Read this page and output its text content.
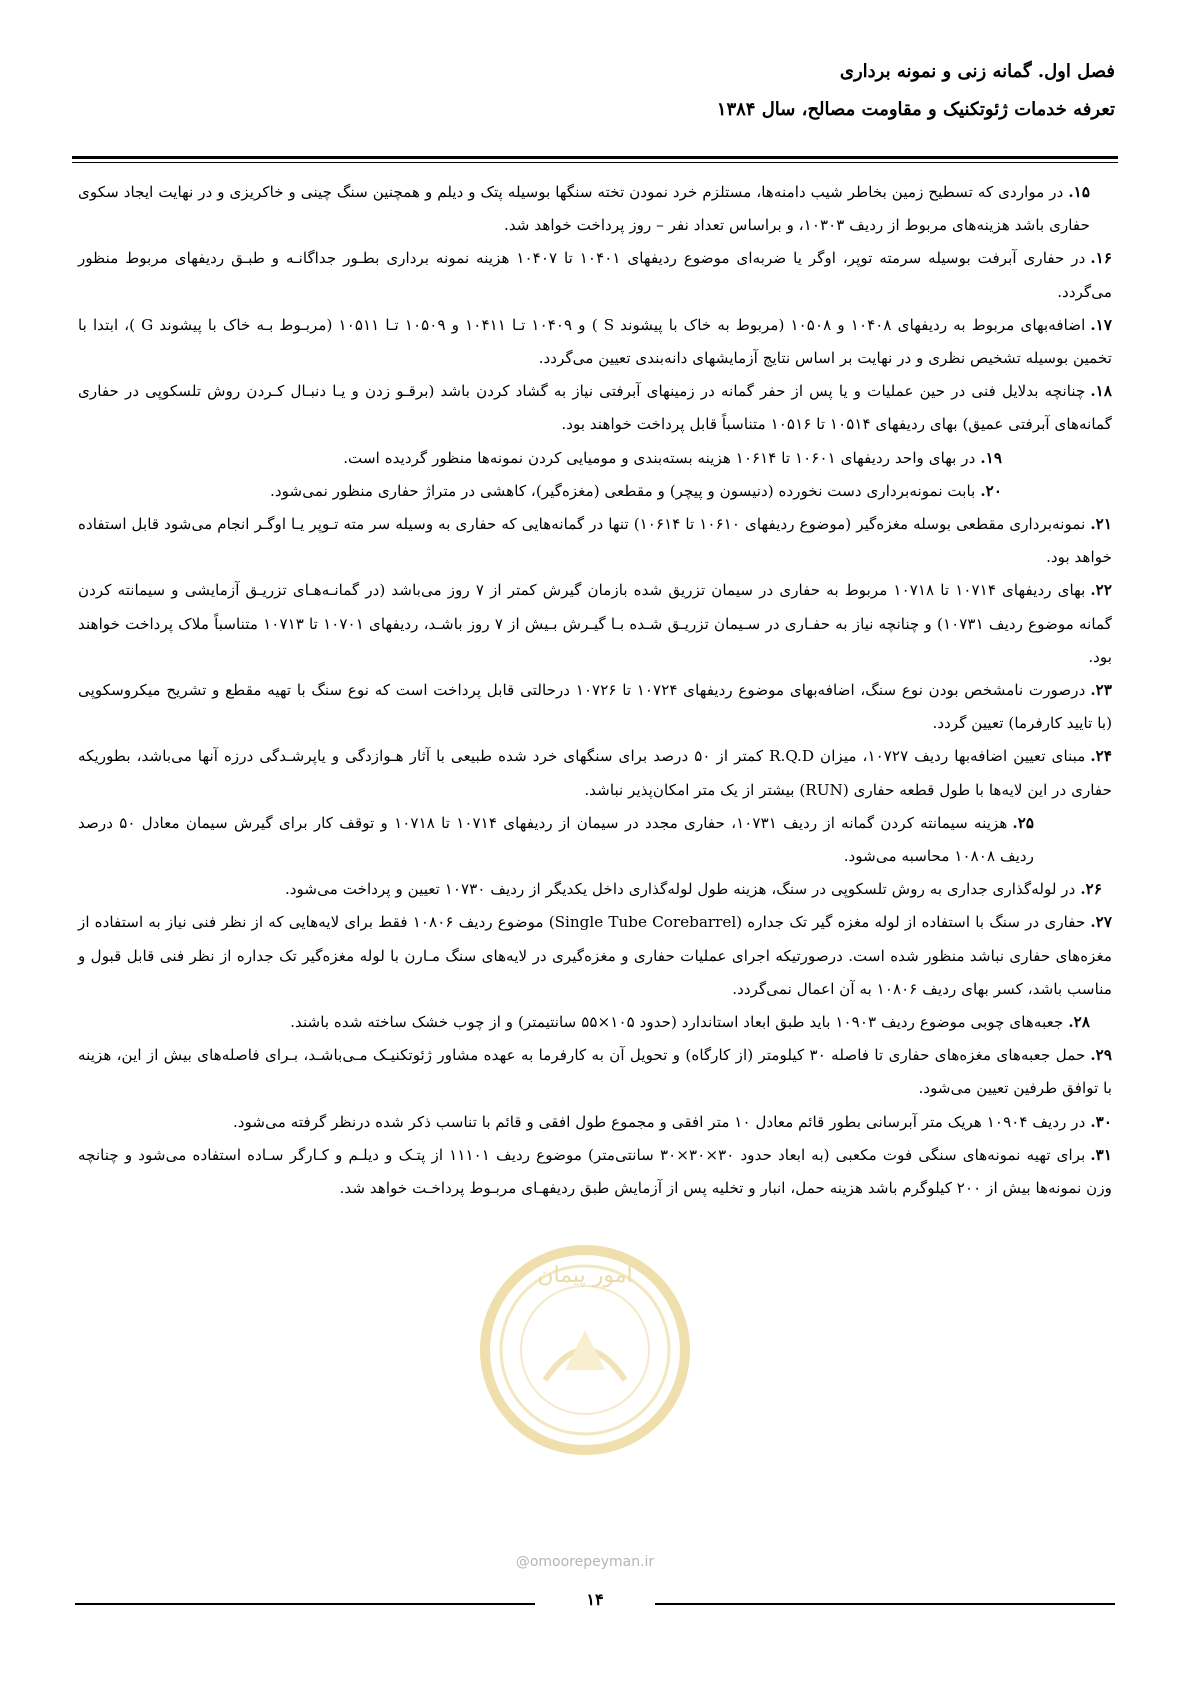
فصل اول. گمانه زنی و نمونه برداری
تعرفه خدمات ژئوتکنیک و مقاومت مصالح، سال ۱۳۸۴

۱۵.در مواردی که تسطیح زمین بخاطر شیب دامنه‌ها، مستلزم خرد نمودن تخته سنگها بوسیله پتک و دیلم و همچنین سنگ چینی و خاکریزی و در نهایت ایجاد سکوی حفاری باشد هزینه‌های مربوط از ردیف ۱۰۳۰۳، و براساس تعداد نفر – روز پرداخت خواهد شد.

۱۶.در حفاری آبرفت بوسیله سرمته توپر، اوگر یا ضربه‌ای موضوع ردیفهای ۱۰۴۰۱ تا ۱۰۴۰۷ هزینه نمونه برداری بطـور جداگانـه و طبـق ردیفهای مربوط منظور می‌گردد.

۱۷.اضافه‌بهای مربوط به ردیفهای ۱۰۴۰۸ و ۱۰۵۰۸ (مربوط به خاک با پیشوند S ) و ۱۰۴۰۹ تـا ۱۰۴۱۱ و ۱۰۵۰۹ تـا ۱۰۵۱۱ (مربـوط بـه خاک با پیشوند G )، ابتدا با تخمین بوسیله تشخیص نظری و در نهایت بر اساس نتایج آزمایشهای دانه‌بندی تعیین می‌گردد.

۱۸.چنانچه بدلایل فنی در حین عملیات و یا پس از حفر گمانه در زمینهای آبرفتی نیاز به گشاد کردن باشد (برقـو زدن و یـا دنبـال کـردن روش تلسکوپی در حفاری گمانه‌های آبرفتی عمیق) بهای ردیفهای ۱۰۵۱۴ تا ۱۰۵۱۶ متناسباً قابل پرداخت خواهند بود.

۱۹.در بهای واحد ردیفهای ۱۰۶۰۱ تا ۱۰۶۱۴ هزینه بسته‌بندی و مومیایی کردن نمونه‌ها منظور گردیده است.

۲۰.بابت نمونه‌برداری دست نخورده (دنیسون و پیچر) و مقطعی (مغزه‌گیر)، کاهشی در متراژ حفاری منظور نمی‌شود.

۲۱.نمونه‌برداری مقطعی بوسله مغزه‌گیر (موضوع ردیفهای ۱۰۶۱۰ تا ۱۰۶۱۴) تنها در گمانه‌هایی که حفاری به وسیله سر مته تـوپر یـا اوگـر انجام می‌شود قابل استفاده خواهد بود.

۲۲.بهای ردیفهای ۱۰۷۱۴ تا ۱۰۷۱۸ مربوط به حفاری در سیمان تزریق شده بازمان گیرش کمتر از ۷ روز می‌باشد (در گمانـه‌هـای تزریـق آزمایشی و سیمانته کردن گمانه موضوع ردیف ۱۰۷۳۱) و چنانچه نیاز به حفـاری در سـیمان تزریـق شـده بـا گیـرش بـیش از ۷ روز باشـد، ردیفهای ۱۰۷۰۱ تا ۱۰۷۱۳ متناسباً ملاک پرداخت خواهند بود.

۲۳.درصورت نامشخص بودن نوع سنگ، اضافه‌بهای موضوع ردیفهای ۱۰۷۲۴ تا ۱۰۷۲۶ درحالتی قابل پرداخت است که نوع سنگ با تهیه مقطع و تشریح میکروسکوپی (با تایید کارفرما) تعیین گردد.

۲۴.مبنای تعیین اضافه‌بها ردیف ۱۰۷۲۷، میزان R.Q.D کمتر از ۵۰ درصد برای سنگهای خرد شده طبیعی با آثار هـوازدگی و یاپرشـدگی درزه آنها می‌باشد، بطوریکه حفاری در این لایه‌ها با طول قطعه حفاری (RUN) بیشتر از یک متر امکان‌پذیر نباشد.

۲۵.هزینه سیمانته کردن گمانه از ردیف ۱۰۷۳۱، حفاری مجدد در سیمان از ردیفهای ۱۰۷۱۴ تا ۱۰۷۱۸ و توقف کار برای گیرش سیمان معادل ۵۰ درصد ردیف ۱۰۸۰۸ محاسبه می‌شود.

۲۶.در لوله‌گذاری جداری به روش تلسکوپی در سنگ، هزینه طول لوله‌گذاری داخل یکدیگر از ردیف ۱۰۷۳۰ تعیین و پرداخت می‌شود.

۲۷.حفاری در سنگ با استفاده از لوله مغزه گیر تک جداره (Single Tube Corebarrel) موضوع ردیف ۱۰۸۰۶ فقط برای لایه‌هایی که از نظر فنی نیاز به استفاده از مغزه‌های حفاری نباشد منظور شده است. درصورتیکه اجرای عملیات حفاری و مغزه‌گیری در لایه‌های سنگ مـارن با لوله مغزه‌گیر تک جداره از نظر فنی قابل قبول و مناسب باشد، کسر بهای ردیف ۱۰۸۰۶ به آن اعمال نمی‌گردد.

۲۸.جعبه‌های چوبی موضوع ردیف ۱۰۹۰۳ باید طبق ابعاد استاندارد (حدود ۱۰۵×۵۵ سانتیمتر) و از چوب خشک ساخته شده باشند.

۲۹.حمل جعبه‌های مغزه‌های حفاری تا فاصله ۳۰ کیلومتر (از کارگاه) و تحویل آن به کارفرما به عهده مشاور ژئوتکنیـک مـی‌باشـد، بـرای فاصله‌های بیش از این، هزینه با توافق طرفین تعیین می‌شود.

۳۰.در ردیف ۱۰۹۰۴ هریک متر آبرسانی بطور قائم معادل ۱۰ متر افقی و مجموع طول افقی و قائم با تناسب ذکر شده درنظر گرفته می‌شود.

۳۱.برای تهیه نمونه‌های سنگی فوت مکعبی (به ابعاد حدود ۳۰×۳۰×۳۰ سانتی‌متر) موضوع ردیف ۱۱۱۰۱ از پتـک و دیلـم و کـارگر سـاده استفاده می‌شود و چنانچه وزن نمونه‌ها بیش از ۲۰۰ کیلوگرم باشد هزینه حمل، انبار و تخلیه پس از آزمایش طبق ردیفهـای مربـوط پرداخـت خواهد شد.

امور پیمان
@omoorepeyman.ir
۱۴
